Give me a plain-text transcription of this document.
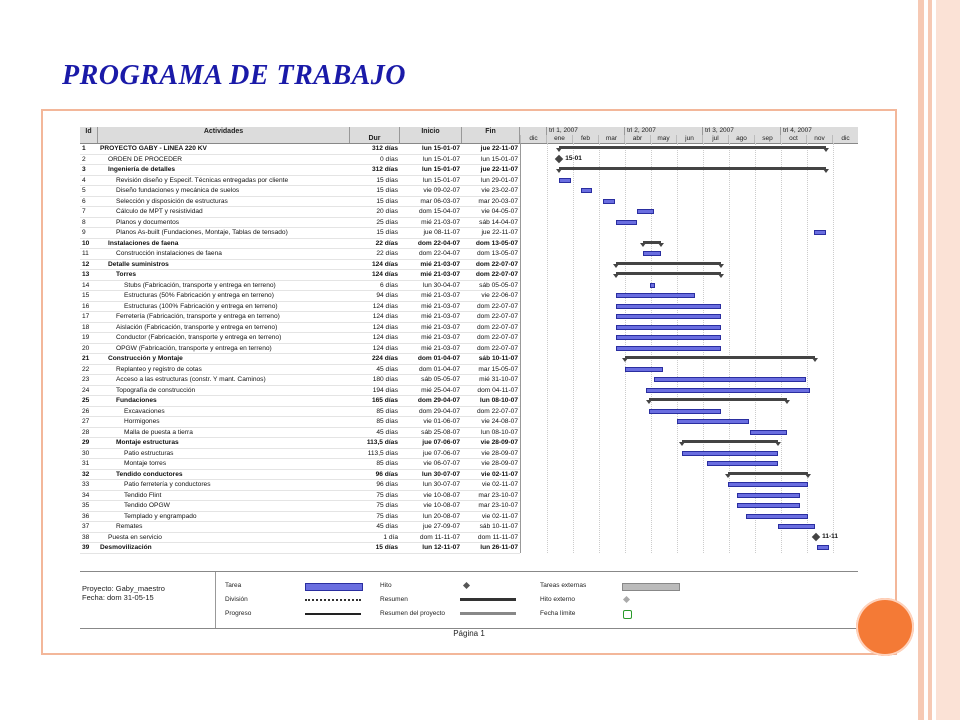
PROGRAMA DE TRABAJO
Id	Actividades
Dur
Inicio	Fin	trl 1, 2007	trl 2, 2007	trl 3, 2007	trl 4, 2007
dic	ene	feb	mar	abr	may	jun	jul	ago	sep	oct	nov	dic
1	PROYECTO GABY - LINEA 220 KV	312 días	lun 15-01-07	jue 22-11-07
2	ORDEN DE PROCEDER	0 días	lun 15-01-07	lun 15-01-07
3	Ingeniería de detalles	312 días	lun 15-01-07	jue 22-11-07
4	Revisión diseño y Especif. Técnicas entregadas por cliente	15 días	lun 15-01-07	lun 29-01-07
5	Diseño fundaciones y mecánica de suelos	15 días	vie 09-02-07	vie 23-02-07
6	Selección y disposición de estructuras	15 días	mar 06-03-07	mar 20-03-07
7	Cálculo de MPT y resistividad	20 días	dom 15-04-07	vie 04-05-07
8	Planos y documentos	25 días	mié 21-03-07	sáb 14-04-07
9	Planos As-built (Fundaciones, Montaje, Tablas de tensado)	15 días	jue 08-11-07	jue 22-11-07
10	Instalaciones de faena	22 días	dom 22-04-07	dom 13-05-07
11	Construcción instalaciones de faena	22 días	dom 22-04-07	dom 13-05-07
12	Detalle suministros	124 días	mié 21-03-07	dom 22-07-07
13	Torres	124 días	mié 21-03-07	dom 22-07-07
14	Stubs (Fabricación, transporte y entrega en terreno)	6 días	lun 30-04-07	sáb 05-05-07
15	Estructuras (50% Fabricación y entrega en terreno)	94 días	mié 21-03-07	vie 22-06-07
16	Estructuras (100% Fabricación y entrega en terreno)	124 días	mié 21-03-07	dom 22-07-07
17	Ferretería (Fabricación, transporte y entrega en terreno)	124 días	mié 21-03-07	dom 22-07-07
18	Aislación (Fabricación, transporte y entrega en terreno)	124 días	mié 21-03-07	dom 22-07-07
19	Conductor (Fabricación, transporte y entrega en terreno)	124 días	mié 21-03-07	dom 22-07-07
20	OPGW (Fabricación, transporte y entrega en terreno)	124 días	mié 21-03-07	dom 22-07-07
21	Construcción y Montaje	224 días	dom 01-04-07	sáb 10-11-07
22	Replanteo y registro de cotas	45 días	dom 01-04-07	mar 15-05-07
23	Acceso a las estructuras (constr. Y mant. Caminos)	180 días	sáb 05-05-07	mié 31-10-07
24	Topografía de construcción	194 días	mié 25-04-07	dom 04-11-07
25	Fundaciones	165 días	dom 29-04-07	lun 08-10-07
26	Excavaciones	85 días	dom 29-04-07	dom 22-07-07
27	Hormigones	85 días	vie 01-06-07	vie 24-08-07
28	Malla de puesta a tierra	45 días	sáb 25-08-07	lun 08-10-07
29	Montaje estructuras	113,5 días	jue 07-06-07	vie 28-09-07
30	Patio estructuras	113,5 días	jue 07-06-07	vie 28-09-07
31	Montaje torres	85 días	vie 06-07-07	vie 28-09-07
32	Tendido conductores	96 días	lun 30-07-07	vie 02-11-07
33	Patio ferretería y conductores	96 días	lun 30-07-07	vie 02-11-07
34	Tendido Flint	75 días	vie 10-08-07	mar 23-10-07
35	Tendido OPGW	75 días	vie 10-08-07	mar 23-10-07
36	Templado y engrampado	75 días	lun 20-08-07	vie 02-11-07
37	Remates	45 días	jue 27-09-07	sáb 10-11-07
38	Puesta en servicio	1 día	dom 11-11-07	dom 11-11-07
39	Desmovilización	15 días	lun 12-11-07	lun 26-11-07
15-01
11-11
Proyecto: Gaby_maestro
Fecha: dom 31-05-15
Tarea
División
Progreso
Hito
Resumen
Resumen del proyecto
Tareas externas
Hito externo
Fecha límite
Página 1
